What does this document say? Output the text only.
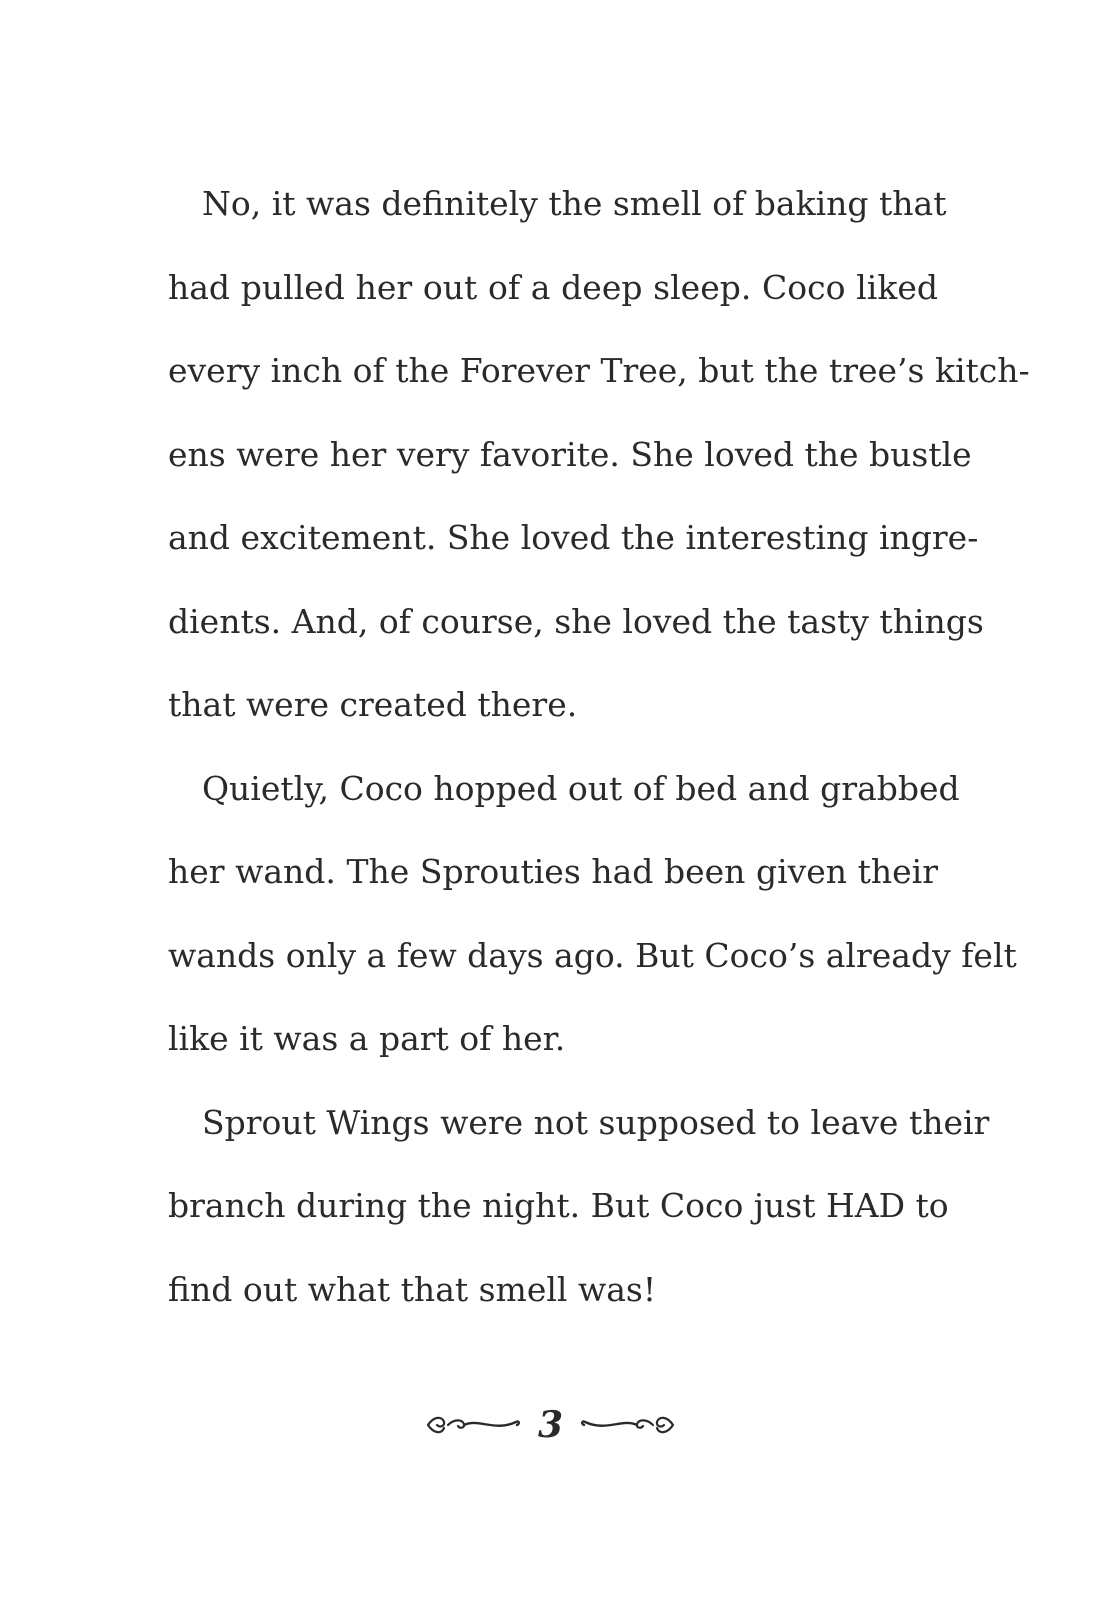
No, it was definitely the smell of baking that
had pulled her out of a deep sleep. Coco liked
every inch of the Forever Tree, but the tree’s kitch-
ens were her very favorite. She loved the bustle
and excitement. She loved the interesting ingre-
dients. And, of course, she loved the tasty things
that were created there.
Quietly, Coco hopped out of bed and grabbed
her wand. The Sprouties had been given their
wands only a few days ago. But Coco’s already felt
like it was a part of her.
Sprout Wings were not supposed to leave their
branch during the night. But Coco just HAD to
find out what that smell was!
3
